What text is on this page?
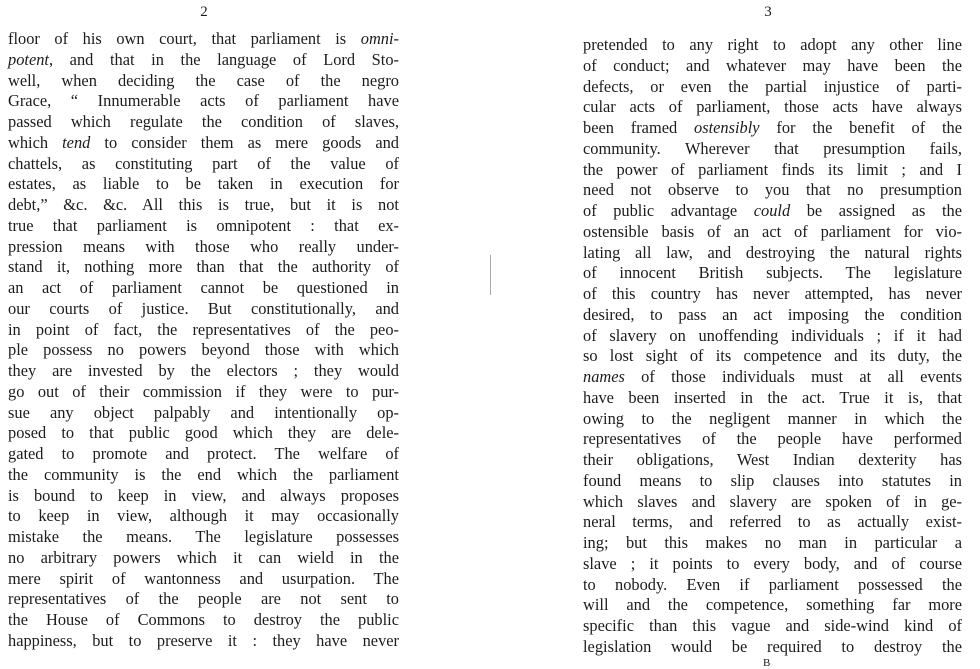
2
floor of his own court, that parliament is omni-
potent, and that in the language of Lord Sto-
well, when deciding the case of the negro
Grace, “ Innumerable acts of parliament have
passed which regulate the condition of slaves,
which tend to consider them as mere goods and
chattels, as constituting part of the value of
estates, as liable to be taken in execution for
debt,” &c. &c. All this is true, but it is not
true that parliament is omnipotent : that ex-
pression means with those who really under-
stand it, nothing more than that the authority of
an act of parliament cannot be questioned in
our courts of justice. But constitutionally, and
in point of fact, the representatives of the peo-
ple possess no powers beyond those with which
they are invested by the electors ; they would
go out of their commission if they were to pur-
sue any object palpably and intentionally op-
posed to that public good which they are dele-
gated to promote and protect. The welfare of
the community is the end which the parliament
is bound to keep in view, and always proposes
to keep in view, although it may occasionally
mistake the means. The legislature possesses
no arbitrary powers which it can wield in the
mere spirit of wantonness and usurpation. The
representatives of the people are not sent to
the House of Commons to destroy the public
happiness, but to preserve it : they have never
3
pretended to any right to adopt any other line
of conduct; and whatever may have been the
defects, or even the partial injustice of parti-
cular acts of parliament, those acts have always
been framed ostensibly for the benefit of the
community. Wherever that presumption fails,
the power of parliament finds its limit ; and I
need not observe to you that no presumption
of public advantage could be assigned as the
ostensible basis of an act of parliament for vio-
lating all law, and destroying the natural rights
of innocent British subjects. The legislature
of this country has never attempted, has never
desired, to pass an act imposing the condition
of slavery on unoffending individuals ; if it had
so lost sight of its competence and its duty, the
names of those individuals must at all events
have been inserted in the act. True it is, that
owing to the negligent manner in which the
representatives of the people have performed
their obligations, West Indian dexterity has
found means to slip clauses into statutes in
which slaves and slavery are spoken of in ge-
neral terms, and referred to as actually exist-
ing; but this makes no man in particular a
slave ; it points to every body, and of course
to nobody. Even if parliament possessed the
will and the competence, something far more
specific than this vague and side-wind kind of
legislation would be required to destroy the
B
